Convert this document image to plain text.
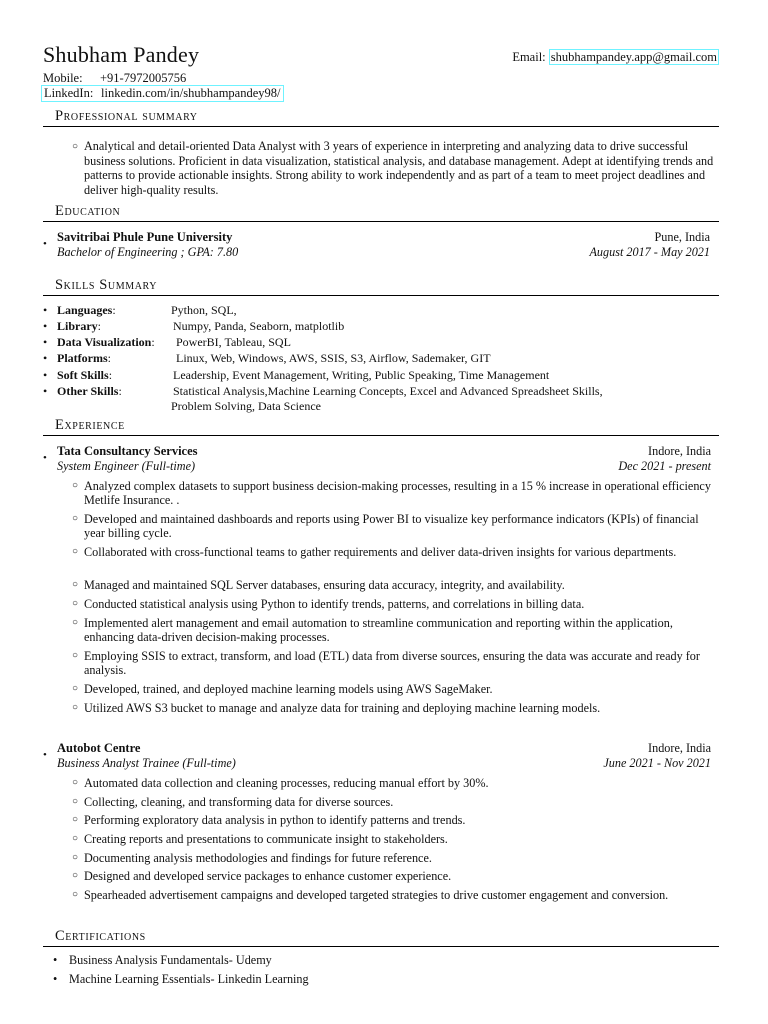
Shubham Pandey	Email: shubhampandey.app@gmail.com
Mobile: +91-7972005756
LinkedIn: linkedin.com/in/shubhampandey98/
Professional summary
○ Analytical and detail-oriented Data Analyst with 3 years of experience in interpreting and analyzing data to drive successful business solutions. Proficient in data visualization, statistical analysis, and database management. Adept at identifying trends and patterns to provide actionable insights. Strong ability to work independently and as part of a team to meet project deadlines and deliver high-quality results.
Education
• Savitribai Phule Pune University	Pune, India
Bachelor of Engineering ; GPA: 7.80	August 2017 - May 2021
Skills Summary
• Languages:	Python, SQL,
• Library:	Numpy, Panda, Seaborn, matplotlib
• Data Visualization: PowerBI, Tableau, SQL
• Platforms:	Linux, Web, Windows, AWS, SSIS, S3, Airflow, Sademaker, GIT
• Soft Skills:	Leadership, Event Management, Writing, Public Speaking, Time Management
• Other Skills:	Statistical Analysis,Machine Learning Concepts, Excel and Advanced Spreadsheet Skills,
Problem Solving, Data Science
Experience
• Tata Consultancy Services	Indore, India
System Engineer (Full-time)	Dec 2021 - present
○ Analyzed complex datasets to support business decision-making processes, resulting in a 15 % increase in operational efficiency Metlife Insurance. .
○ Developed and maintained dashboards and reports using Power BI to visualize key performance indicators (KPIs) of financial year billing cycle.
○ Collaborated with cross-functional teams to gather requirements and deliver data-driven insights for various departments.
○ Managed and maintained SQL Server databases, ensuring data accuracy, integrity, and availability.
○ Conducted statistical analysis using Python to identify trends, patterns, and correlations in billing data.
○ Implemented alert management and email automation to streamline communication and reporting within the application, enhancing data-driven decision-making processes.
○ Employing SSIS to extract, transform, and load (ETL) data from diverse sources, ensuring the data was accurate and ready for analysis.
○ Developed, trained, and deployed machine learning models using AWS SageMaker.
○ Utilized AWS S3 bucket to manage and analyze data for training and deploying machine learning models.
• Autobot Centre	Indore, India
Business Analyst Trainee (Full-time)	June 2021 - Nov 2021
○ Automated data collection and cleaning processes, reducing manual effort by 30%.
○ Collecting, cleaning, and transforming data for diverse sources.
○ Performing exploratory data analysis in python to identify patterns and trends.
○ Creating reports and presentations to communicate insight to stakeholders.
○ Documenting analysis methodologies and findings for future reference.
○ Designed and developed service packages to enhance customer experience.
○ Spearheaded advertisement campaigns and developed targeted strategies to drive customer engagement and conversion.
Certifications
• Business Analysis Fundamentals- Udemy
• Machine Learning Essentials- Linkedin Learning
